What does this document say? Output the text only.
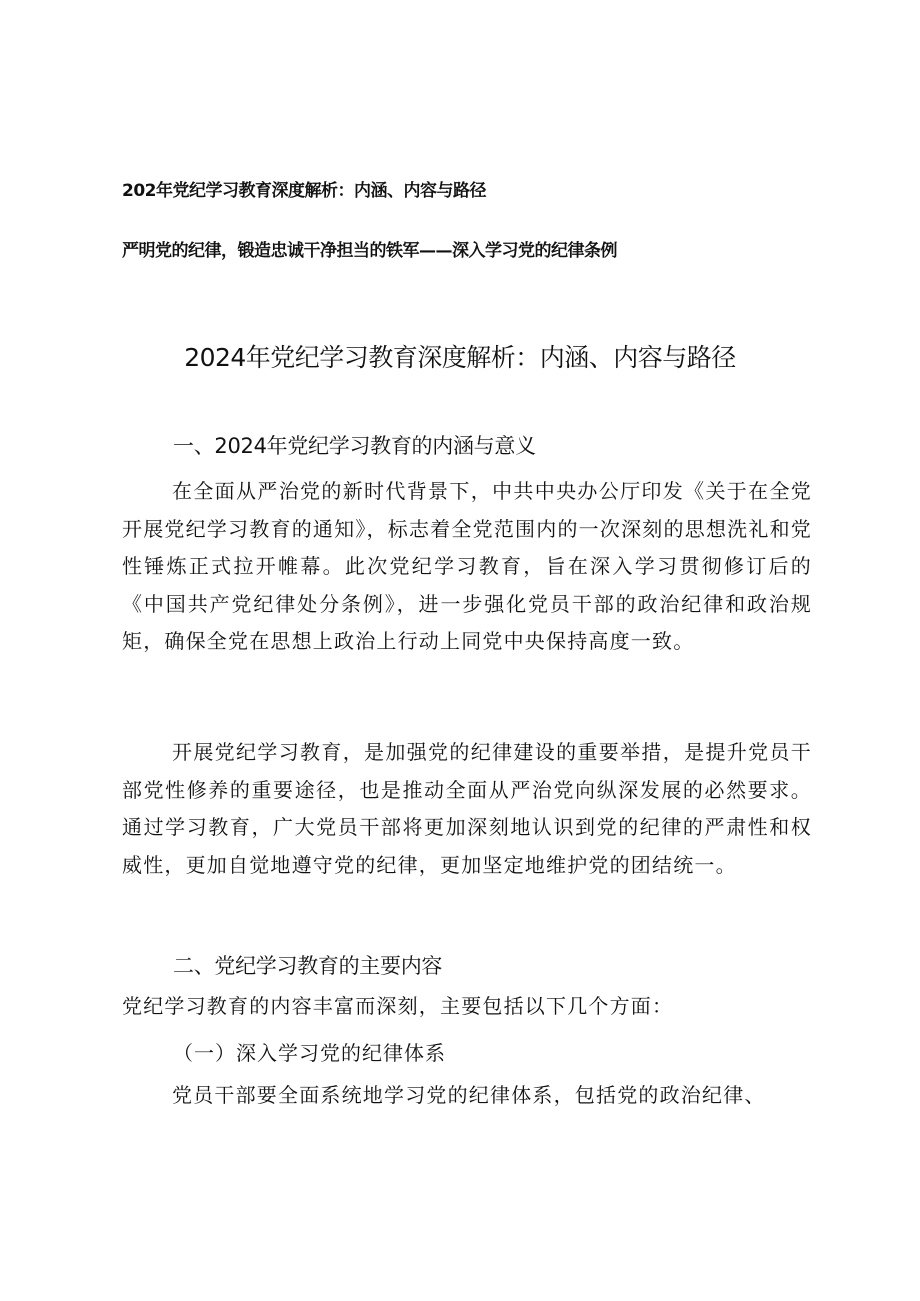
202年党纪学习教育深度解析：内涵、内容与路径
严明党的纪律，锻造忠诚干净担当的铁军——深入学习党的纪律条例
2024年党纪学习教育深度解析：内涵、内容与路径
一、2024年党纪学习教育的内涵与意义

在全面从严治党的新时代背景下，中共中央办公厅印发《关于在全党开展党纪学习教育的通知》，标志着全党范围内的一次深刻的思想洗礼和党性锤炼正式拉开帷幕。此次党纪学习教育，旨在深入学习贯彻修订后的《中国共产党纪律处分条例》，进一步强化党员干部的政治纪律和政治规矩，确保全党在思想上政治上行动上同党中央保持高度一致。

开展党纪学习教育，是加强党的纪律建设的重要举措，是提升党员干部党性修养的重要途径，也是推动全面从严治党向纵深发展的必然要求。通过学习教育，广大党员干部将更加深刻地认识到党的纪律的严肃性和权威性，更加自觉地遵守党的纪律，更加坚定地维护党的团结统一。

二、党纪学习教育的主要内容
党纪学习教育的内容丰富而深刻，主要包括以下几个方面：
（一）深入学习党的纪律体系

党员干部要全面系统地学习党的纪律体系，包括党的政治纪律、
